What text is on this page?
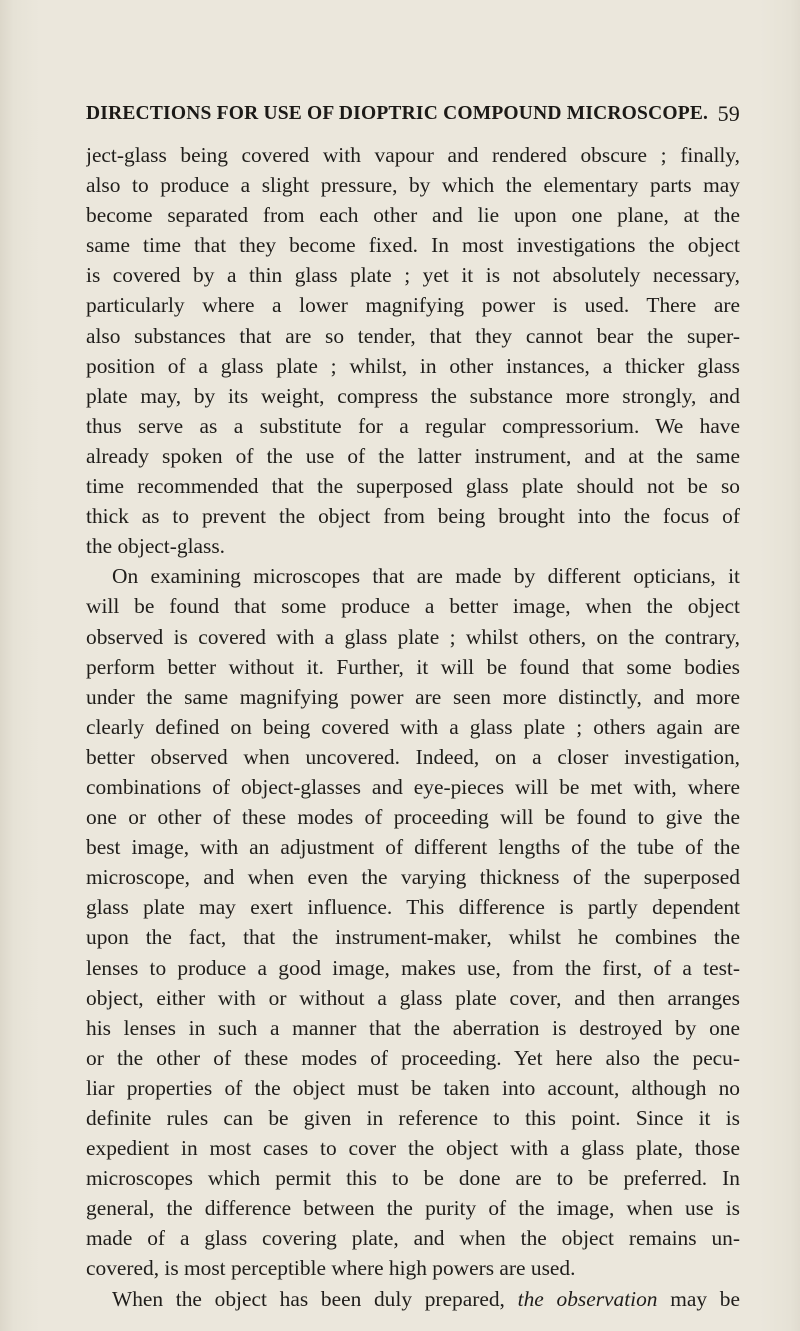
DIRECTIONS FOR USE OF DIOPTRIC COMPOUND MICROSCOPE. 59
ject-glass being covered with vapour and rendered obscure ; finally,
also to produce a slight pressure, by which the elementary parts may
become separated from each other and lie upon one plane, at the
same time that they become fixed. In most investigations the object
is covered by a thin glass plate ; yet it is not absolutely necessary,
particularly where a lower magnifying power is used. There are
also substances that are so tender, that they cannot bear the super-
position of a glass plate ; whilst, in other instances, a thicker glass
plate may, by its weight, compress the substance more strongly, and
thus serve as a substitute for a regular compressorium. We have
already spoken of the use of the latter instrument, and at the same
time recommended that the superposed glass plate should not be so
thick as to prevent the object from being brought into the focus of
the object-glass.
On examining microscopes that are made by different opticians, it
will be found that some produce a better image, when the object
observed is covered with a glass plate ; whilst others, on the contrary,
perform better without it. Further, it will be found that some bodies
under the same magnifying power are seen more distinctly, and more
clearly defined on being covered with a glass plate ; others again are
better observed when uncovered. Indeed, on a closer investigation,
combinations of object-glasses and eye-pieces will be met with, where
one or other of these modes of proceeding will be found to give the
best image, with an adjustment of different lengths of the tube of the
microscope, and when even the varying thickness of the superposed
glass plate may exert influence. This difference is partly dependent
upon the fact, that the instrument-maker, whilst he combines the
lenses to produce a good image, makes use, from the first, of a test-
object, either with or without a glass plate cover, and then arranges
his lenses in such a manner that the aberration is destroyed by one
or the other of these modes of proceeding. Yet here also the pecu-
liar properties of the object must be taken into account, although no
definite rules can be given in reference to this point. Since it is
expedient in most cases to cover the object with a glass plate, those
microscopes which permit this to be done are to be preferred. In
general, the difference between the purity of the image, when use is
made of a glass covering plate, and when the object remains un-
covered, is most perceptible where high powers are used.
When the object has been duly prepared, the observation may be
